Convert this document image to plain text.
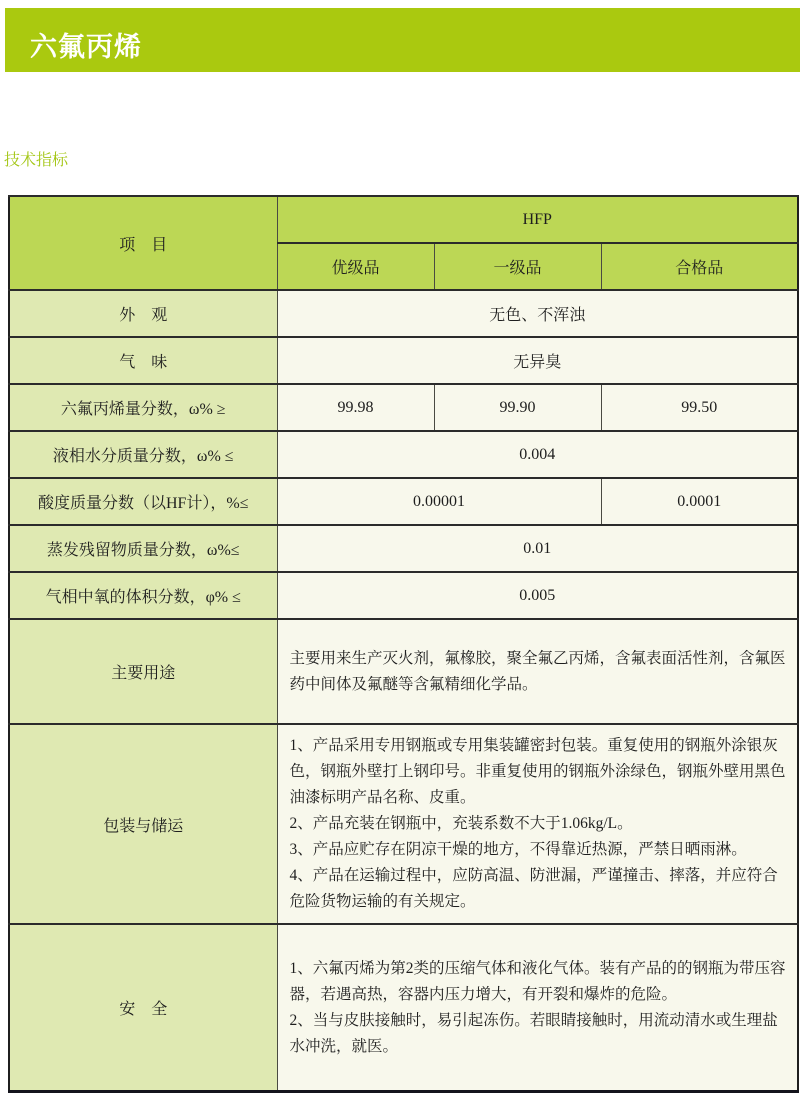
六氟丙烯
技术指标
项　目	HFP		
	优级品	一级品	合格品
外　观	无色、不浑浊		
气　味	无异臭		
六氟丙烯量分数，ω% ≥	99.98	99.90	99.50
液相水分质量分数，ω% ≤	0.004		
酸度质量分数（以HF计），%≤	0.00001		0.0001
蒸发残留物质量分数，ω%≤	0.01		
气相中氧的体积分数，φ% ≤	0.005		
主要用途	主要用来生产灭火剂，氟橡胶，聚全氟乙丙烯，含氟表面活性剂，含氟医药中间体及氟醚等含氟精细化学品。		

包装与储运	1、产品采用专用钢瓶或专用集装罐密封包装。重复使用的钢瓶外涂银灰色，钢瓶外壁打上钢印号。非重复使用的钢瓶外涂绿色，钢瓶外壁用黑色油漆标明产品名称、皮重。
2、产品充装在钢瓶中，充装系数不大于1.06kg/L。
3、产品应贮存在阴凉干燥的地方，不得靠近热源，严禁日晒雨淋。
4、产品在运输过程中，应防高温、防泄漏，严谨撞击、摔落，并应符合危险货物运输的有关规定。		

安　全	1、六氟丙烯为第2类的压缩气体和液化气体。装有产品的的钢瓶为带压容器，若遇高热，容器内压力增大，有开裂和爆炸的危险。
2、当与皮肤接触时，易引起冻伤。若眼睛接触时，用流动清水或生理盐水冲洗，就医。		
